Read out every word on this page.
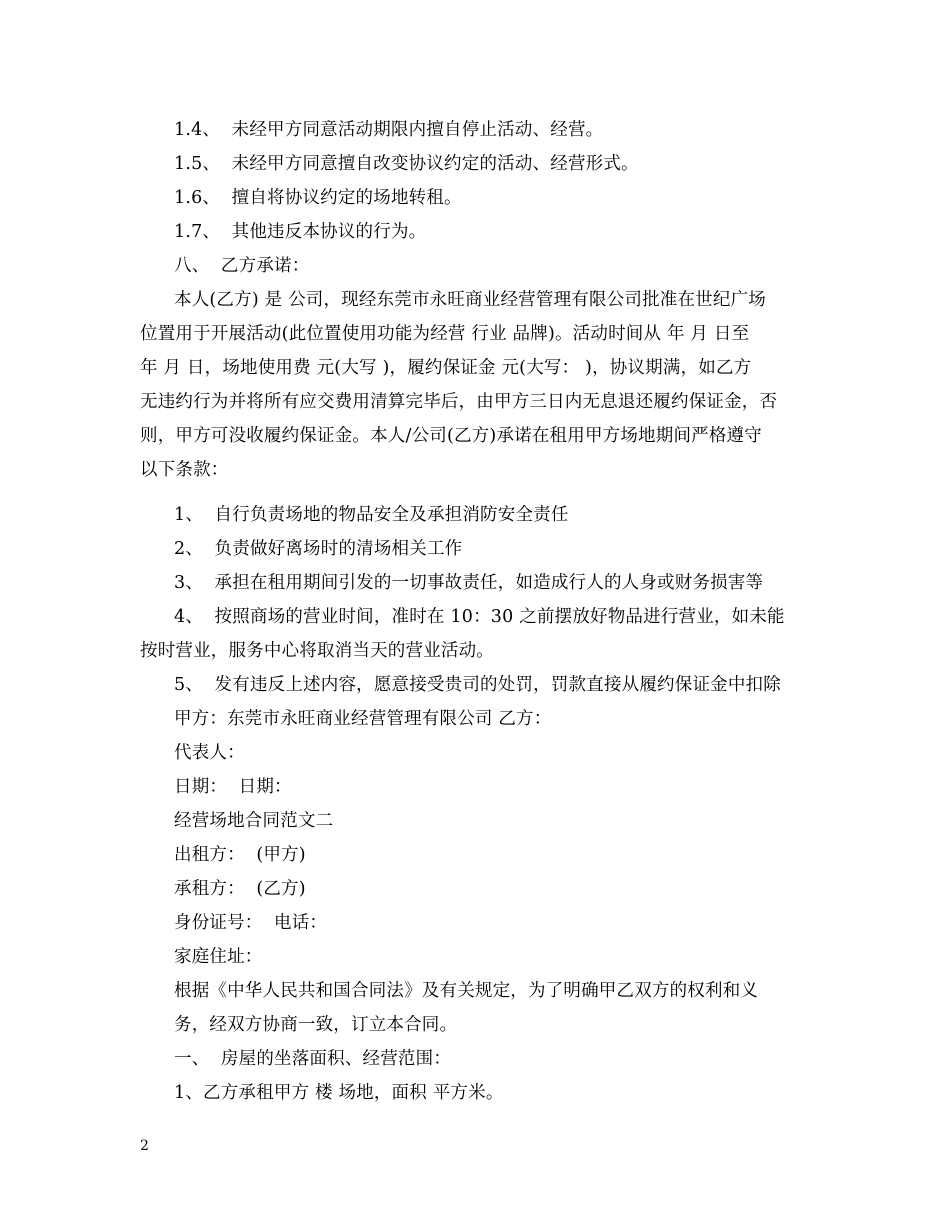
1.4、  未经甲方同意活动期限内擅自停止活动、经营。
1.5、  未经甲方同意擅自改变协议约定的活动、经营形式。
1.6、  擅自将协议约定的场地转租。
1.7、  其他违反本协议的行为。
八、  乙方承诺：
本人(乙方) 是 公司，现经东莞市永旺商业经营管理有限公司批准在世纪广场
位置用于开展活动(此位置使用功能为经营 行业 品牌)。活动时间从 年 月 日至
年 月 日，场地使用费 元(大写 )，履约保证金 元(大写： )，协议期满，如乙方
无违约行为并将所有应交费用清算完毕后，由甲方三日内无息退还履约保证金，否
则，甲方可没收履约保证金。本人/公司(乙方)承诺在租用甲方场地期间严格遵守
以下条款：
1、  自行负责场地的物品安全及承担消防安全责任
2、  负责做好离场时的清场相关工作
3、  承担在租用期间引发的一切事故责任，如造成行人的人身或财务损害等
4、  按照商场的营业时间，准时在 10：30 之前摆放好物品进行营业，如未能
按时营业，服务中心将取消当天的营业活动。
5、  发有违反上述内容，愿意接受贵司的处罚，罚款直接从履约保证金中扣除
甲方：东莞市永旺商业经营管理有限公司 乙方：
代表人：
日期：  日期：
经营场地合同范文二
出租方：  (甲方)
承租方：  (乙方)
身份证号：  电话：
家庭住址：
根据《中华人民共和国合同法》及有关规定，为了明确甲乙双方的权利和义
务，经双方协商一致，订立本合同。
一、  房屋的坐落面积、经营范围：
1、乙方承租甲方 楼 场地，面积 平方米。
2
